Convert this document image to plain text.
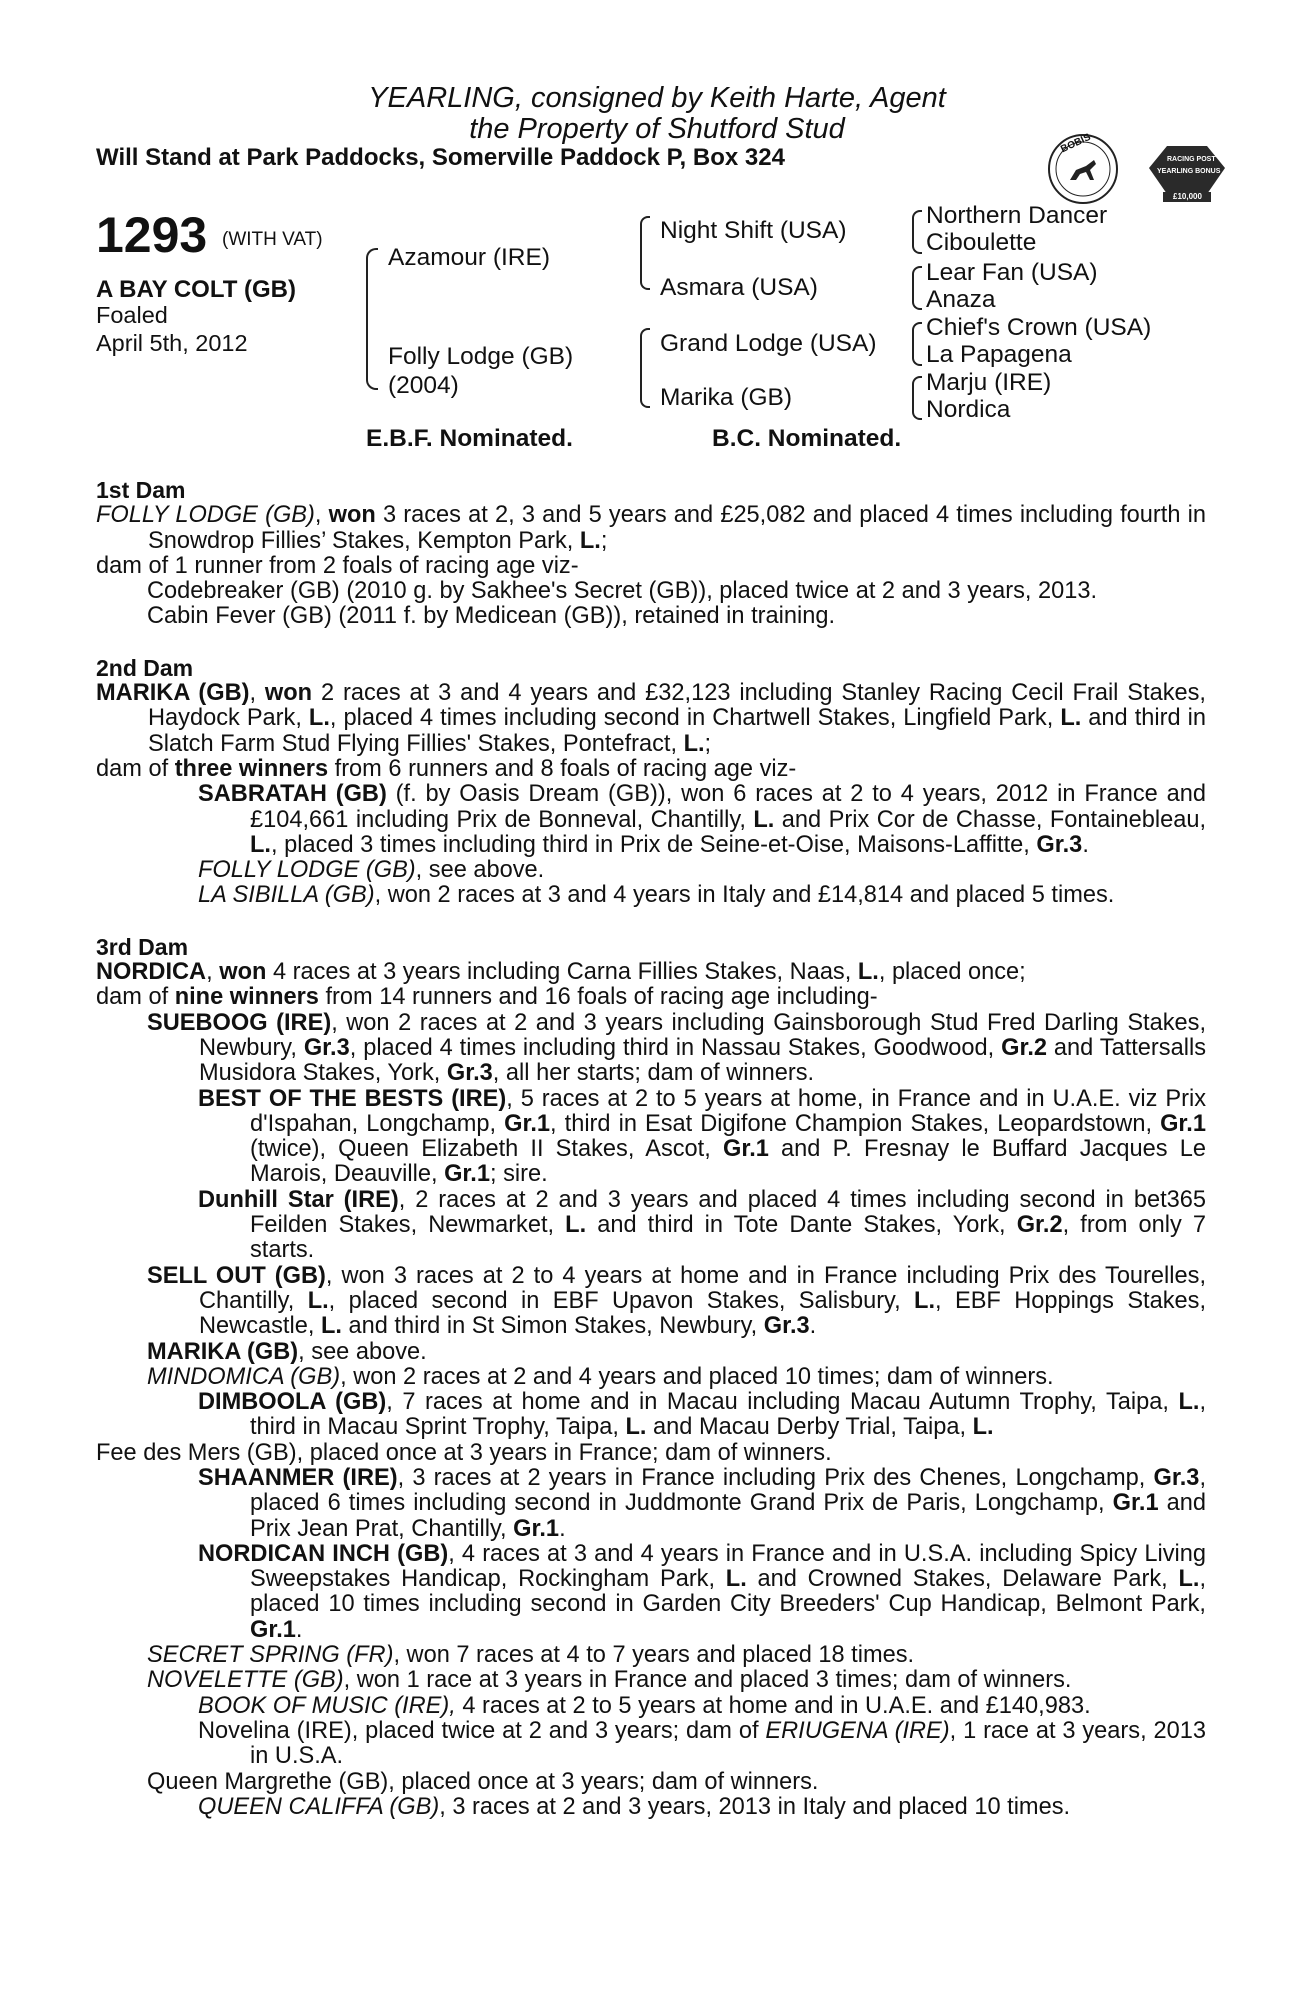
YEARLING, consigned by Keith Harte, Agent
the Property of Shutford Stud
Will Stand at Park Paddocks, Somerville Paddock P, Box 324
BOBIS
RACING POST
YEARLING BONUS
£10,000
1293 (WITH VAT)
A BAY COLT (GB)
Foaled
April 5th, 2012
Azamour (IRE)
Folly Lodge (GB)
(2004)
Night Shift (USA)
Asmara (USA)
Grand Lodge (USA)
Marika (GB)
Northern Dancer
Ciboulette
Lear Fan (USA)
Anaza
Chief's Crown (USA)
La Papagena
Marju (IRE)
Nordica
E.B.F. Nominated.	B.C. Nominated.

1st Dam

FOLLY LODGE (GB), won 3 races at 2, 3 and 5 years and £25,082 and placed 4 times including fourth in Snowdrop Fillies’ Stakes, Kempton Park, L.;

dam of 1 runner from 2 foals of racing age viz-

Codebreaker (GB) (2010 g. by Sakhee's Secret (GB)), placed twice at 2 and 3 years, 2013.

Cabin Fever (GB) (2011 f. by Medicean (GB)), retained in training.

2nd Dam

MARIKA (GB), won 2 races at 3 and 4 years and £32,123 including Stanley Racing Cecil Frail Stakes, Haydock Park, L., placed 4 times including second in Chartwell Stakes, Lingfield Park, L. and third in Slatch Farm Stud Flying Fillies' Stakes, Pontefract, L.;

dam of three winners from 6 runners and 8 foals of racing age viz-

SABRATAH (GB) (f. by Oasis Dream (GB)), won 6 races at 2 to 4 years, 2012 in France and £104,661 including Prix de Bonneval, Chantilly, L. and Prix Cor de Chasse, Fontainebleau, L., placed 3 times including third in Prix de Seine-et-Oise, Maisons-Laffitte, Gr.3.

FOLLY LODGE (GB), see above.

LA SIBILLA (GB), won 2 races at 3 and 4 years in Italy and £14,814 and placed 5 times.

3rd Dam

NORDICA, won 4 races at 3 years including Carna Fillies Stakes, Naas, L., placed once;

dam of nine winners from 14 runners and 16 foals of racing age including-

SUEBOOG (IRE), won 2 races at 2 and 3 years including Gainsborough Stud Fred Darling Stakes, Newbury, Gr.3, placed 4 times including third in Nassau Stakes, Goodwood, Gr.2 and Tattersalls Musidora Stakes, York, Gr.3, all her starts; dam of winners.

BEST OF THE BESTS (IRE), 5 races at 2 to 5 years at home, in France and in U.A.E. viz Prix d'Ispahan, Longchamp, Gr.1, third in Esat Digifone Champion Stakes, Leopardstown, Gr.1 (twice), Queen Elizabeth II Stakes, Ascot, Gr.1 and P. Fresnay le Buffard Jacques Le Marois, Deauville, Gr.1; sire.

Dunhill Star (IRE), 2 races at 2 and 3 years and placed 4 times including second in bet365 Feilden Stakes, Newmarket, L. and third in Tote Dante Stakes, York, Gr.2, from only 7 starts.

SELL OUT (GB), won 3 races at 2 to 4 years at home and in France including Prix des Tourelles, Chantilly, L., placed second in EBF Upavon Stakes, Salisbury, L., EBF Hoppings Stakes, Newcastle, L. and third in St Simon Stakes, Newbury, Gr.3.

MARIKA (GB), see above.

MINDOMICA (GB), won 2 races at 2 and 4 years and placed 10 times; dam of winners.

DIMBOOLA (GB), 7 races at home and in Macau including Macau Autumn Trophy, Taipa, L., third in Macau Sprint Trophy, Taipa, L. and Macau Derby Trial, Taipa, L.

Fee des Mers (GB), placed once at 3 years in France; dam of winners.

SHAANMER (IRE), 3 races at 2 years in France including Prix des Chenes, Longchamp, Gr.3, placed 6 times including second in Juddmonte Grand Prix de Paris, Longchamp, Gr.1 and Prix Jean Prat, Chantilly, Gr.1.

NORDICAN INCH (GB), 4 races at 3 and 4 years in France and in U.S.A. including Spicy Living Sweepstakes Handicap, Rockingham Park, L. and Crowned Stakes, Delaware Park, L., placed 10 times including second in Garden City Breeders' Cup Handicap, Belmont Park, Gr.1.

SECRET SPRING (FR), won 7 races at 4 to 7 years and placed 18 times.

NOVELETTE (GB), won 1 race at 3 years in France and placed 3 times; dam of winners.

BOOK OF MUSIC (IRE), 4 races at 2 to 5 years at home and in U.A.E. and £140,983.

Novelina (IRE), placed twice at 2 and 3 years; dam of ERIUGENA (IRE), 1 race at 3 years, 2013 in U.S.A.

Queen Margrethe (GB), placed once at 3 years; dam of winners.

QUEEN CALIFFA (GB), 3 races at 2 and 3 years, 2013 in Italy and placed 10 times.
